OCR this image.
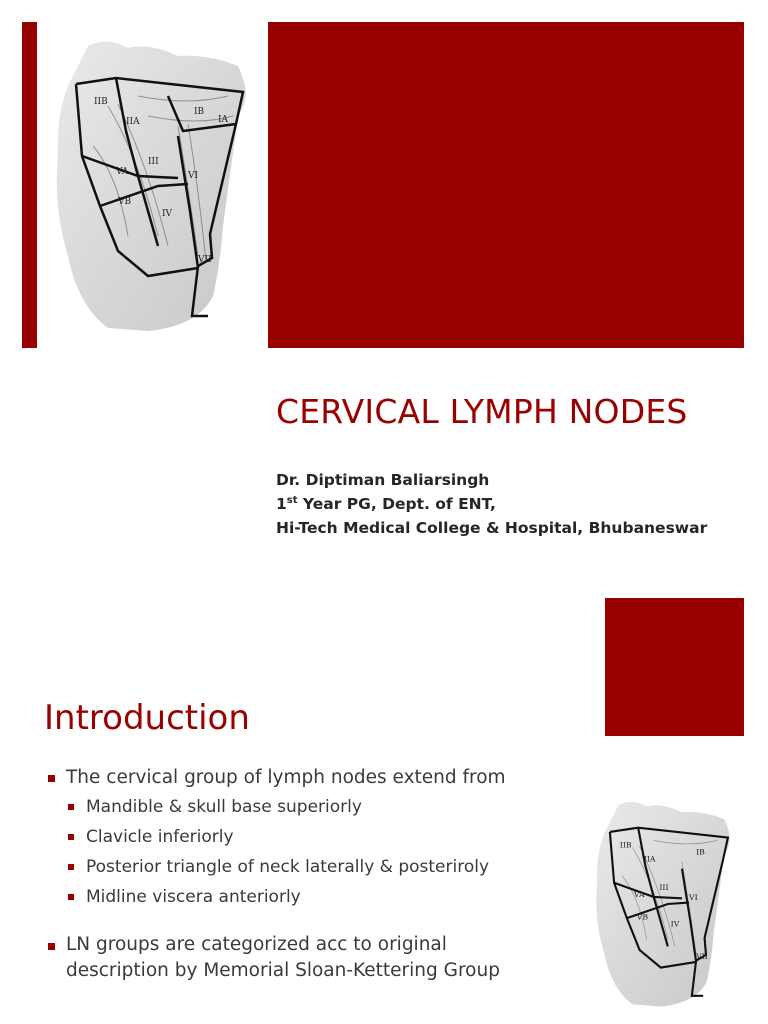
IIB
IIA
IB
IA
III
VA	VI
VB
IV
VII
CERVICAL LYMPH NODES
Dr. Diptiman Baliarsingh
1st Year PG, Dept. of ENT,
Hi-Tech Medical College & Hospital, Bhubaneswar
Introduction
The cervical group of lymph nodes extend from
Mandible & skull base superiorly
Clavicle inferiorly
Posterior triangle of neck laterally & posteriroly
Midline viscera anteriorly
LN groups are categorized acc to original description by Memorial Sloan-Kettering Group
IIB
IIA
IB
III
VA	VI
VB
IV
VII
